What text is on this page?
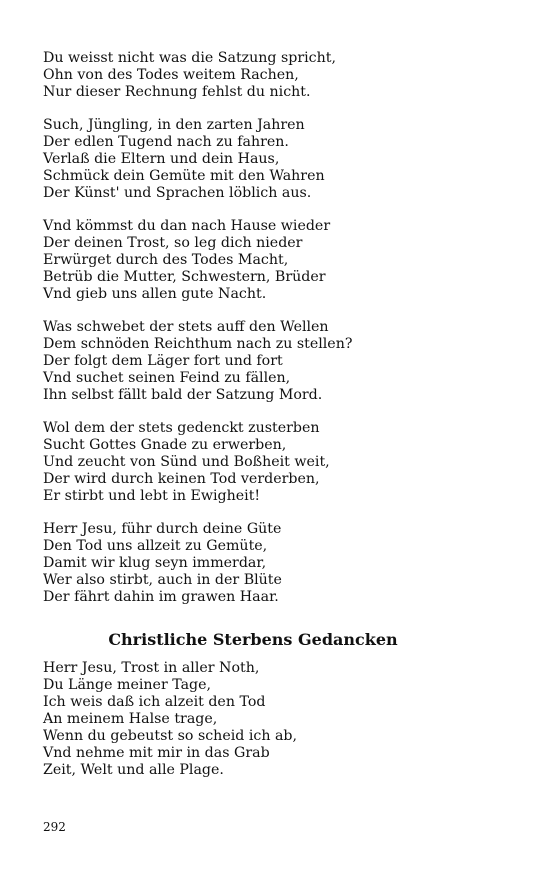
Du weisst nicht was die Satzung spricht,
Ohn von des Todes weitem Rachen,
Nur dieser Rechnung fehlst du nicht.
Such, Jüngling, in den zarten Jahren
Der edlen Tugend nach zu fahren.
Verlaß die Eltern und dein Haus,
Schmück dein Gemüte mit den Wahren
Der Künst' und Sprachen löblich aus.
Vnd kömmst du dan nach Hause wieder
Der deinen Trost, so leg dich nieder
Erwürget durch des Todes Macht,
Betrüb die Mutter, Schwestern, Brüder
Vnd gieb uns allen gute Nacht.
Was schwebet der stets auff den Wellen
Dem schnöden Reichthum nach zu stellen?
Der folgt dem Läger fort und fort
Vnd suchet seinen Feind zu fällen,
Ihn selbst fällt bald der Satzung Mord.
Wol dem der stets gedenckt zusterben
Sucht Gottes Gnade zu erwerben,
Und zeucht von Sünd und Boßheit weit,
Der wird durch keinen Tod verderben,
Er stirbt und lebt in Ewigheit!
Herr Jesu, führ durch deine Güte
Den Tod uns allzeit zu Gemüte,
Damit wir klug seyn immerdar,
Wer also stirbt, auch in der Blüte
Der fährt dahin im grawen Haar.
Christliche Sterbens Gedancken
Herr Jesu, Trost in aller Noth,
Du Länge meiner Tage,
Ich weis daß ich alzeit den Tod
An meinem Halse trage,
Wenn du gebeutst so scheid ich ab,
Vnd nehme mit mir in das Grab
Zeit, Welt und alle Plage.
292
